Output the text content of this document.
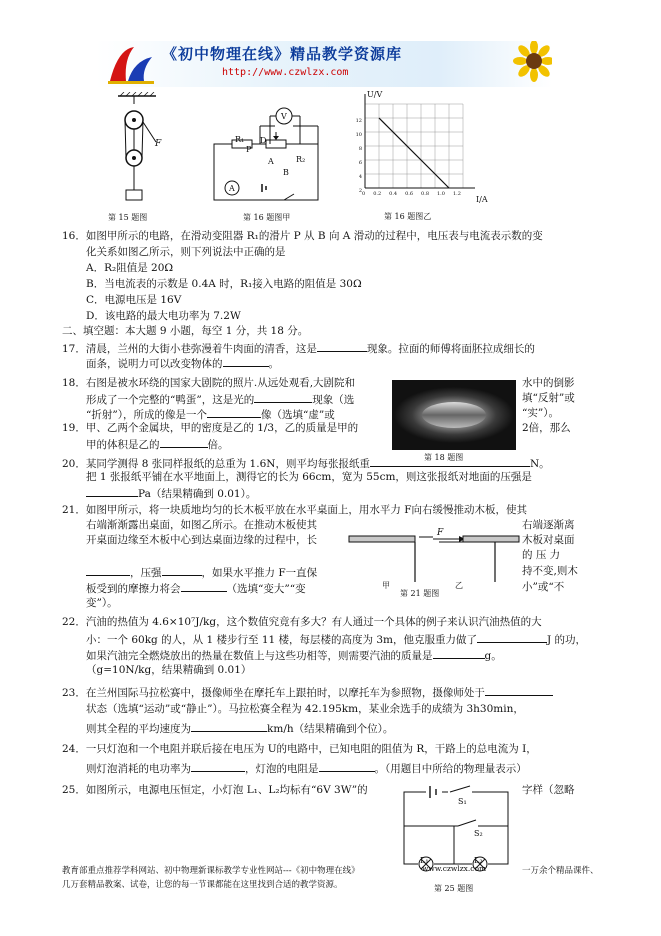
《初中物理在线》精品教学资源库
http://www.czwlzx.com
F
第 15 题图
R₁
P
D
A
B
R₂
A
V
第 16 题图甲
U/V
I/A
12
10
8
6
4
2 0 0.2 0.4 0.6 0.8 1.0 1.2
第 16 题图乙
16．如图甲所示的电路，在滑动变阻器 R₁的滑片 P 从 B 向 A 滑动的过程中，电压表与电流表示数的变
化关系如图乙所示，则下列说法中正确的是
A．R₂阻值是 20Ω
B．当电流表的示数是 0.4A 时，R₁接入电路的阻值是 30Ω
C．电源电压是 16V
D．该电路的最大电功率为 7.2W
二、填空题：本大题 9 小题，每空 1 分，共 18 分。
17．清晨，兰州的大街小巷弥漫着牛肉面的清香，这是	现象。拉面的师傅将面胚拉成细长的
面条，说明力可以改变物体的	。
第 18 题图
18．右图是被水环绕的国家大剧院的照片.从远处观看,大剧院和	水中的倒影
形成了一个完整的“鸭蛋”，这是光的	现象（选	填“反射”或
“折射”），所成的像是一个	像（选填“虚”或	“实”）。
19．甲、乙两个金属块，甲的密度是乙的 1/3，乙的质量是甲的	2倍，那么
甲的体积是乙的	倍。
20．某同学测得 8 张同样报纸的总重为 1.6N，则平均每张报纸重	N。
把 1 张报纸平铺在水平地面上，测得它的长为 66cm，宽为 55cm，则这张报纸对地面的压强是
Pa（结果精确到 0.01）。
21．如图甲所示，将一块质地均匀的长木板平放在水平桌面上，用水平力 F向右缓慢推动木板，使其
右端渐渐露出桌面，如图乙所示。在推动木板使其	右端逐渐离
开桌面边缘至木板中心到达桌面边缘的过程中，长	木板对桌面
的 压 力
，压强	，如果水平推力 F一直保	持不变,则木
板受到的摩擦力将会	（选填“变大”“变	小”或“不
变”）。
F
甲	乙
第 21 题图
22．汽油的热值为 4.6×10⁷J/kg，这个数值究竟有多大？有人通过一个具体的例子来认识汽油热值的大
小：一个 60kg 的人，从 1 楼步行至 11 楼，每层楼的高度为 3m，他克服重力做了	J 的功，
如果汽油完全燃烧放出的热量在数值上与这些功相等，则需要汽油的质量是	g。
（g=10N/kg，结果精确到 0.01）
23．在兰州国际马拉松赛中，摄像师坐在摩托车上跟拍时，以摩托车为参照物，摄像师处于
状态（选填“运动”或“静止”）。马拉松赛全程为 42.195km，某业余选手的成绩为 3h30min，
则其全程的平均速度为	km/h（结果精确到个位）。
24．一只灯泡和一个电阻并联后接在电压为 U的电路中，已知电阻的阻值为 R，干路上的总电流为 I，
则灯泡消耗的电功率为	，灯泡的电阻是	。（用题目中所给的物理量表示）
25．如图所示，电源电压恒定，小灯泡 L₁、L₂均标有“6V 3W”的	字样（忽略
S₁
S₂
L₁	L₂
第 25 题图
教育部重点推荐学科网站、初中物理新课标教学专业性网站---《初中物理在线》	www.czwlzx.com	一万余个精品课件、
几万套精品教案、试卷，让您的每一节课都能在这里找到合适的教学资源。
